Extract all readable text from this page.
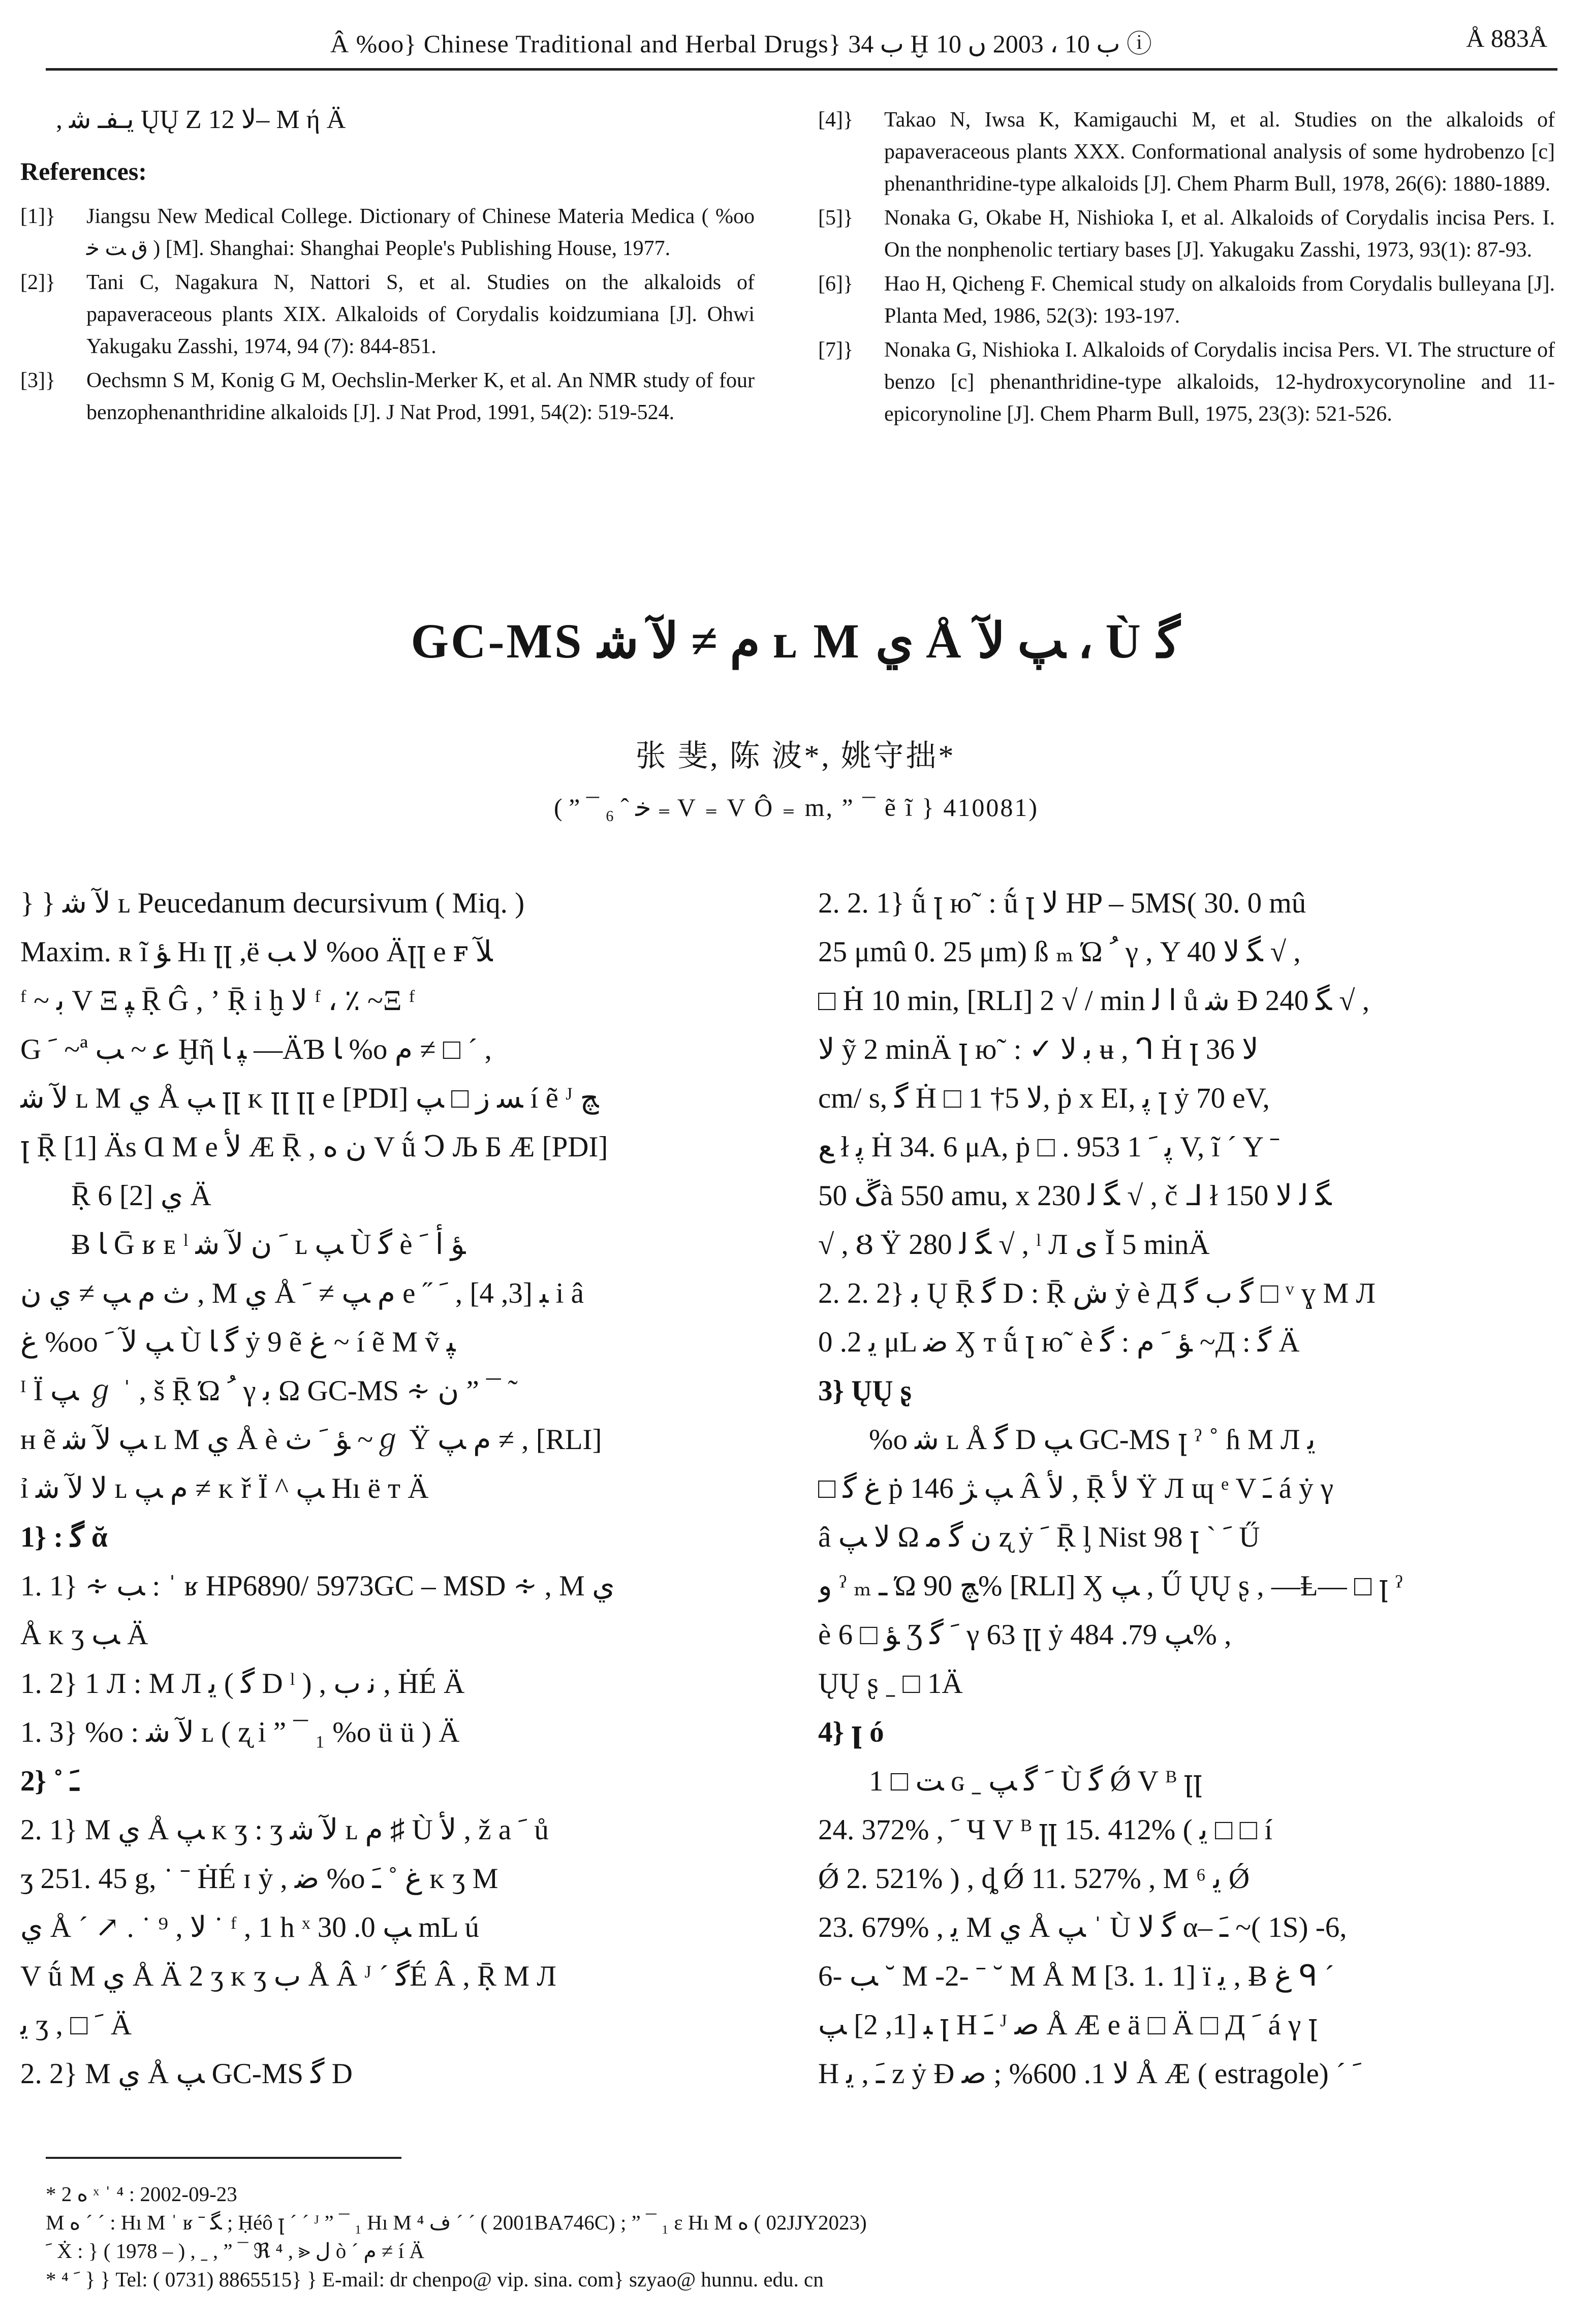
Â %oo} Chinese Traditional and Herbal Drugs} ب 34 Ḫ ب 10 ، 2003 ں 10 ⓘ	Å 883Å
, يـفـ ﺷ ŲŲ Z ﻻ 12– M ή Ä
References:
[1]} Jiangsu New Medical College. Dictionary of Chinese Materia Medica ( %oo ﻕ ﺖ ﺧ ) [M]. Shanghai: Shanghai People's Publishing House, 1977.
[2]} Tani C, Nagakura N, Nattori S, et al. Studies on the alkaloids of papaveraceous plants XIX. Alkaloids of Corydalis koidzumiana [J]. Ohwi Yakugaku Zasshi, 1974, 94 (7): 844-851.
[3]} Oechsmn S M, Konig G M, Oechslin-Merker K, et al. An NMR study of four benzophenanthridine alkaloids [J]. J Nat Prod, 1991, 54(2): 519-524.
[4]} Takao N, Iwsa K, Kamigauchi M, et al. Studies on the alkaloids of papaveraceous plants XXX. Conformational analysis of some hydrobenzo [c] phenanthridine-type alkaloids [J]. Chem Pharm Bull, 1978, 26(6): 1880-1889.
[5]} Nonaka G, Okabe H, Nishioka I, et al. Alkaloids of Corydalis incisa Pers. I. On the nonphenolic tertiary bases [J]. Yakugaku Zasshi, 1973, 93(1): 87-93.
[6]} Hao H, Qicheng F. Chemical study on alkaloids from Corydalis bulleyana [J]. Planta Med, 1986, 52(3): 193-197.
[7]} Nonaka G, Nishioka I. Alkaloids of Corydalis incisa Pers. VI. The structure of benzo [c] phenanthridine-type alkaloids, 12-hydroxycorynoline and 11-epicorynoline [J]. Chem Pharm Bull, 1975, 23(3): 521-526.
GC-MS ﻡ ≠ ﻵ ﺷ ʟ M ﻱ Å ﭗ ﻵ ، Ù ﮔ
张 斐, 陈 波*, 姚守拙*
( ” ¯ ₆ ˆ ﺧ ₌ V ₌ V Ô ₌ m, ” ¯ ẽ ĩ } 410081)
} } ﻵ ﺷ ʟ Peucedanum decursivum ( Miq. )
Maxim. ʀ ĩ ﺆ Hı ꞁꞁ ,ë ﻻ ﺐ %oo Äꞁꞁ e ꜰ ﻶ
ᶠ ~ ﺑ V Ξ ﭙ Ṝ Ĝ , ʼ Ṝ i ḫ ﻻ ᶠ ، ٪ ~Ξ ᶠ
G ﹶ ~ª ﻋ ~ ﺐ Ḫῆ ﭙ ﺎ —ÄƁ ﺎ %o ﻡ ≠ □ ´ ,
ﻵ ﺷ ʟ M ﻱ Å ﭗ ꞁꞁ ᴋ ꞁꞁ ꞁꞁ e [PDI] ﺴ ﺯ □ ﭗ í ẽ ᴶ ﭻ
ꞁ Ṝ [1] Äs Ɑ M e ﻷ Æ Ṝ , ﻥ ﻩ V ṹ Ↄ Љ Ƃ Æ [PDI]
Ṝ 6 ﻱ [2] Ä
Ƀ ﺎ Ḡ ʁ ᴇ ˡ ﹶ ﻥ ﻵ ﺷ ʟ ﭗ Ù ﮔ è ﺆ ﺃ ﹶ
ﺙ ﻡ ﭗ ≠ ﻱ ﻥ , M ﻱ Å ﻡ ﭗ ≠ ﹶ e ˝ ﺒ [3, 4] , ﹶ i â
ﻍ %oo ﭗ ﻵ ﹶ Ù ﮔ ﺎ ẏ 9 ẽ ﻍ ~ í ẽ M ṽ ﭙ
ᴵ Ï ﭗ ℊ ˈ , š Ṝ Ώ ﹸ γ ﺑ Ω GC-MS ∻ ﻥ ” ¯ ˜
ʜ ẽ ﭗ ﻵ ﺷ ʟ M ﻱ Å è ﺆ ﹶ ﺙ ~ℊ Ÿ ﻡ ﭗ ≠ , [RLI]
ỉ ﻻ ﻵ ﺷ ʟ ﻡ ﭗ ≠ ᴋ ř Ï ^ ﭗ Hı ë ᴛ Ä
1} : ﮔ ᾰ
1. 1} ∻ ﺐ : ˈ ʁ HP6890/ 5973GC – MSD ∻ , M ﻱ
Å ᴋ ʒ ﺐ Ä
1. 2} 1 Л : M Л ﻳ ( ﮔ D ˡ ) , ﻧ ﺏ , ḢÉ Ä
1. 3} %o : ﻵ ﺷ ʟ ( ʐ i ” ¯ ₁ %o ü ü ) Ä
2} ˚ ﹷ
2. 1} M ﻱ Å ﭗ ᴋ ʒ : ʒ ﻵ ﺷ ʟ ﻡ ♯ Ù ﻷ , ž a ﹶ ů
ʒ 251. 45 g, ˙ ˉ ḢÉ ɪ ẏ , ﺿ %o ﻍ ˚ ﹷ ᴋ ʒ M
ﻱ Å ´ ↗ . ˙ ﻻ , ⁹ ˙ ᶠ , 1 h ˣ ﭗ 0. 30 mL ú
V ṹ M ﻱ Å Ä 2 ʒ ᴋ ʒ ﺏ Å Â ᴶ ˊ ﮔÉ Â , Ṝ M Л
ﻳ ʒ , □ ﹶ Ä
2. 2} M ﻱ Å ﭗ GC-MS ﮔ D
2. 2. 1} ṹ ꞁ ю˜ : ṹ ꞁ ﻻ HP – 5MS( 30. 0 mû
25 μmû 0. 25 μm) ß ₘ Ώ ﹸ γ , Y ﮕ ﻻ 40 √ ,
□ Ḣ 10 min, [RLI] 2 √ / min ﺍ ﻟ ů ﺷ Ɖ ﮕ 240 √ ,
ﻻ ỹ 2 minÄ ꞁ ю˜ : ✓ ﺑ ﻻ ʉ , ᒉ Ḣ ꞁ ﻻ 36
cm/ s, ﮔ Ḣ □ ﻻ 5† 1, ṗ x EI, ﭘ ꞁ ẏ 70 eV,
ﻊ ł ﭘ Ḣ 34. 6 μA, ṗ □ . ﭘ ﹶ 1 953 V, ĩ ´ Y ˉ
ڱ 50à 550 amu, x ﮕ ﻟ 230 √ , č ᒧ ł ﮕ ﻟ ﻻ 150
√ , Ȣ Ÿ ﮕ ﻟ 280 √ , ˡ Л ﻯ Ĭ 5 minÄ
2. 2. 2} ﺑ Ų Ṝ ﮔ D : Ṝ ﺵ ẏ è Д ﮔ ﺏ ﮔ □ ᵛ ɣ M Л
ﻳ 2. 0 μL ﺿ Ӽ ᴛ ṹ ꞁ ю˜ è ﺆ ﹶ ﻡ : ﮔ ~Д : ﮔ Ä
3} ŲŲ ʂ
%o ﺷ ʟ Å ﮔ D ﭗ GC-MS ꞁ ˀ ˚ ɦ M Л ﻳ
□ ﻍ ﮔ ṗ ﭗ ﮋ 146 Â ﻷ , Ṝ ﻷ Ÿ Л ɰ ᵉ V ﹷ á ẏ γ
â ﻻ ﭗ Ω ﻥ ﮔ ﻣ ʐ ẏ ﹶ Ṝ ᶅ Nist 98 ꞁ ˋ ﹶ Ű
ﻭ ˀ ₘ ـ Ώ ﭻ 90% [RLI] Ӽ ﭗ , Ű ŲŲ ʂ , —Ⱡ— □ ꞁ ˀ
è ﺆ □ 6 Ʒ ﹶ ﮔ γ 63 ꞁꞁ ẏ ﭗ 79. 484% ,
ŲŲ ʂ ˍ □ 1Ä
4} ꞁ ó
ﺖ □ 1 ɢ ˍ ﹶ ﮔ ﭗ Ù ﮔ Ǿ V ᴮ ꞁꞁ
24. 372% , ﹶ Ч V ᴮ ꞁꞁ 15. 412% ( ﻳ □ □ í
Ǿ 2. 521% ) , ȡ Ǿ 11. 527% , M ﻳ ⁶ Ǿ
23. 679% , ﻳ M ﻱ Å ﭗ ˈ Ù ﮔ ﻻ α– ﹷ ~( 1S) -6,
6- ﺐ ˘ M -2- ˉ ˘ M Å M [3. 1. 1] ï ﻳ , Ƀ ﻍ ᑫ ˊ
ﺒ [1, 2] ﭗ ꞁ H ﹷ ᴶ ﺻ Å Æ e ä □ Ä □ Д ﹶ á γ ꞁ
H ﹷ , ﻳ z ẏ Ɖ ﻻ 1. 600% ; ﺻ Å Æ ( estragole) ˊ ﹶ
* 2 ﻩ ˣ ˈ ⁴ : 2002-09-23
M ﻩ ˊ ˊ : Hı M ˈ ʁ ˉ ﮕ ; Ḥéô ꞁ ˊ ˊ ᴶ ” ¯ ₁ Hı M ⁴ ﻑ ˊ ˊ ( 2001BA746C) ; ” ¯ ₁ ɛ Hı M ﻩ ( 02JJY2023)
ﹶ Ẋ : } ( 1978 – ) , ˍ , ” ¯ ℜ ⁴ , ⪢ ﻝ ò ˊ ﻡ ≠ í Ä
* ⁴ ﹶ } } Tel: ( 0731) 8865515} } E-mail: dr chenpo@ vip. sina. com} szyao@ hunnu. edu. cn
